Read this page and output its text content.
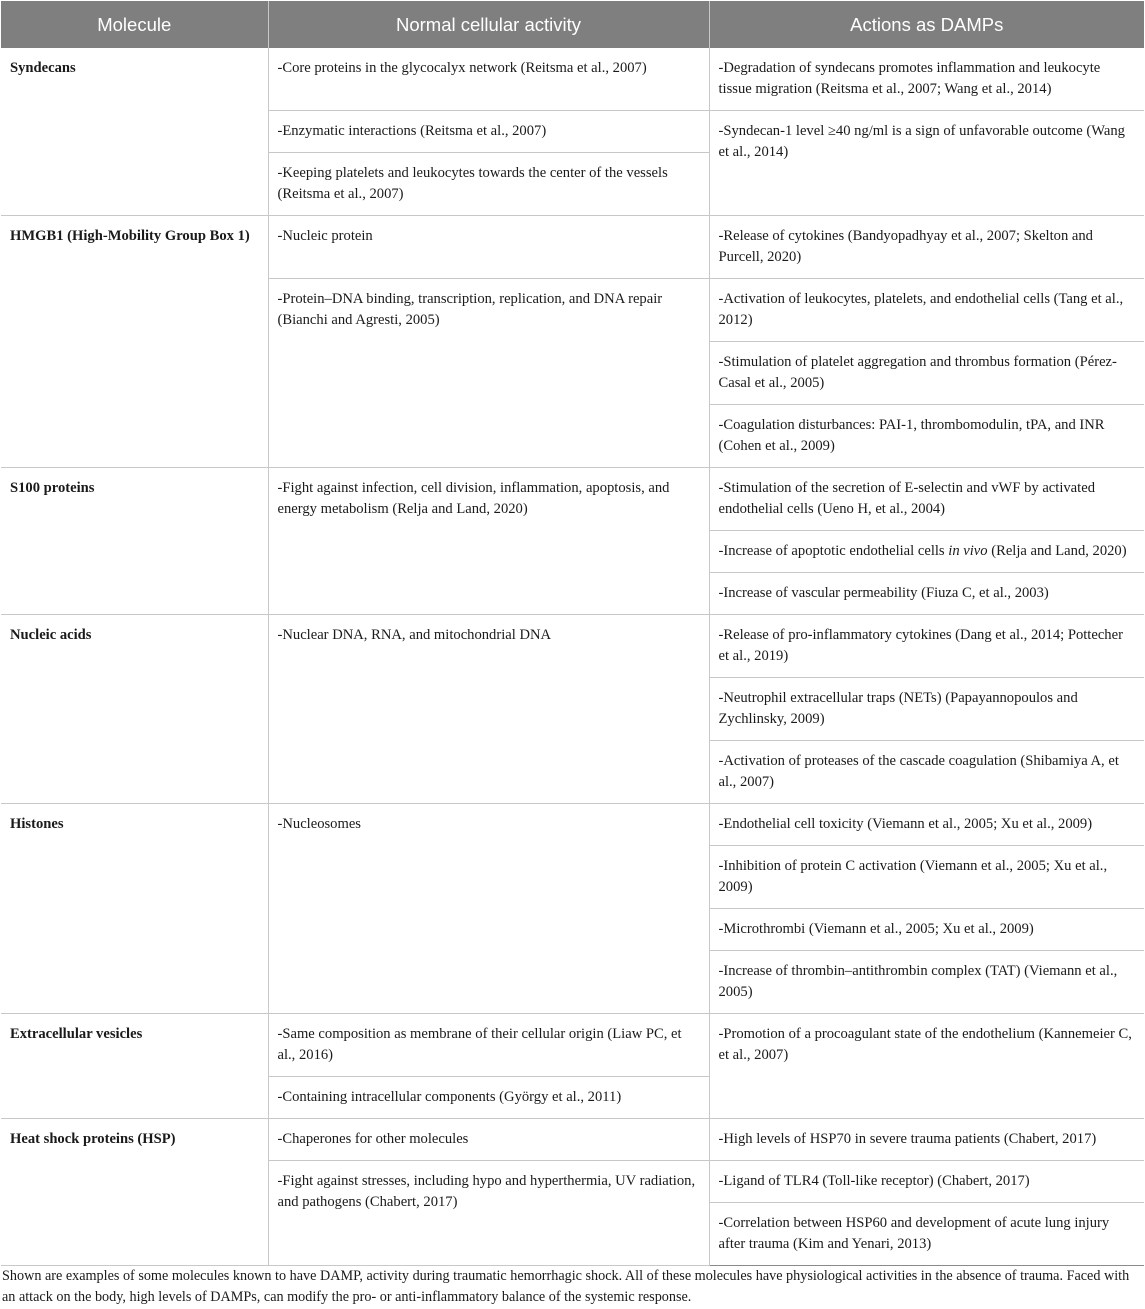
Molecule	Normal cellular activity	Actions as DAMPs
Syndecans	-Core proteins in the glycocalyx network (Reitsma et al., 2007)	-Degradation of syndecans promotes inflammation and leukocyte tissue migration (Reitsma et al., 2007; Wang et al., 2014)
	-Enzymatic interactions (Reitsma et al., 2007)	-Syndecan-1 level ≥40 ng/ml is a sign of unfavorable outcome (Wang et al., 2014)
	-Keeping platelets and leukocytes towards the center of the vessels (Reitsma et al., 2007)	
HMGB1 (High-Mobility Group Box 1)	-Nucleic protein	-Release of cytokines (Bandyopadhyay et al., 2007; Skelton and Purcell, 2020)
	-Protein–DNA binding, transcription, replication, and DNA repair (Bianchi and Agresti, 2005)	-Activation of leukocytes, platelets, and endothelial cells (Tang et al., 2012)
		-Stimulation of platelet aggregation and thrombus formation (Pérez-Casal et al., 2005)
		-Coagulation disturbances: PAI-1, thrombomodulin, tPA, and INR (Cohen et al., 2009)
S100 proteins	-Fight against infection, cell division, inflammation, apoptosis, and energy metabolism (Relja and Land, 2020)	-Stimulation of the secretion of E-selectin and vWF by activated endothelial cells (Ueno H, et al., 2004)
		-Increase of apoptotic endothelial cells in vivo (Relja and Land, 2020)
		-Increase of vascular permeability (Fiuza C, et al., 2003)
Nucleic acids	-Nuclear DNA, RNA, and mitochondrial DNA	-Release of pro-inflammatory cytokines (Dang et al., 2014; Pottecher et al., 2019)
		-Neutrophil extracellular traps (NETs) (Papayannopoulos and Zychlinsky, 2009)
		-Activation of proteases of the cascade coagulation (Shibamiya A, et al., 2007)
Histones	-Nucleosomes	-Endothelial cell toxicity (Viemann et al., 2005; Xu et al., 2009)
		-Inhibition of protein C activation (Viemann et al., 2005; Xu et al., 2009)
		-Microthrombi (Viemann et al., 2005; Xu et al., 2009)
		-Increase of thrombin–antithrombin complex (TAT) (Viemann et al., 2005)
Extracellular vesicles	-Same composition as membrane of their cellular origin (Liaw PC, et al., 2016)	-Promotion of a procoagulant state of the endothelium (Kannemeier C, et al., 2007)
	-Containing intracellular components (György et al., 2011)	
Heat shock proteins (HSP)	-Chaperones for other molecules	-High levels of HSP70 in severe trauma patients (Chabert, 2017)
	-Fight against stresses, including hypo and hyperthermia, UV radiation, and pathogens (Chabert, 2017)	-Ligand of TLR4 (Toll-like receptor) (Chabert, 2017)
		-Correlation between HSP60 and development of acute lung injury after trauma (Kim and Yenari, 2013)

Shown are examples of some molecules known to have DAMP, activity during traumatic hemorrhagic shock. All of these molecules have physiological activities in the absence of trauma. Faced with an attack on the body, high levels of DAMPs, can modify the pro- or anti-inflammatory balance of the systemic response.
